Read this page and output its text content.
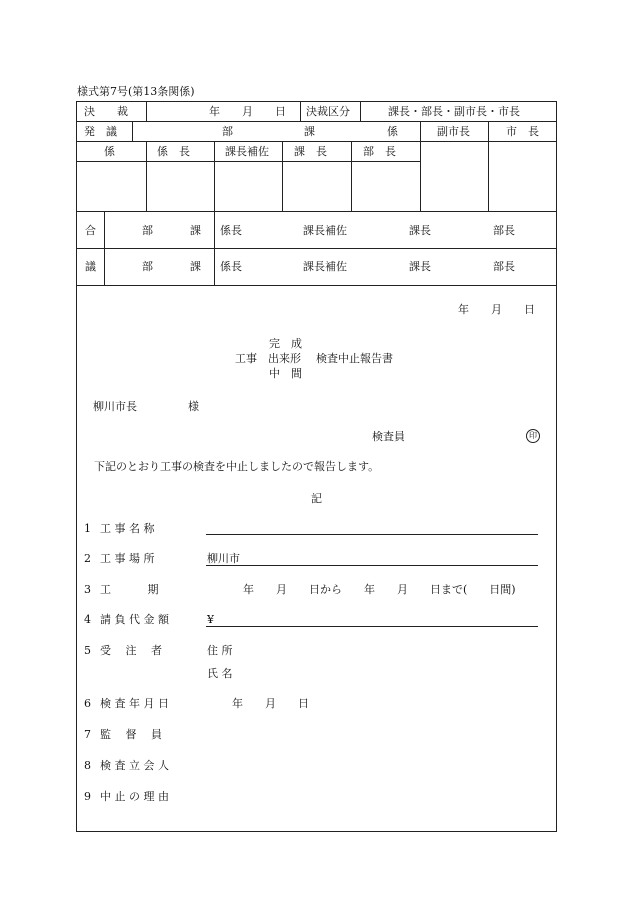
様式第7号(第13条関係)
決　　裁	年　　月　　日 決裁区分	課長・部長・副市長・市長
発　議	部	課	係	副市長	市　長
係	係　長	課長補佐 課　長	部　長
合	部	課 係長	課長補佐	課長	部長
議	部	課 係長	課長補佐	課長	部長
年　　月　　日
完　成
工事 出来形 検査中止報告書
中　間
柳川市長	様
検査員	印
下記のとおり工事の検査を中止しましたので報告します。
記
1 工 事 名 称
2 工 事 場 所	柳川市
3 工　　　 期	年　　月　　日から　　年　　月　　日まで(　　日間)
4 請 負 代 金 額	¥
5 受　 注　 者	住 所
氏 名
6 検 査 年 月 日	年　　月　　日
7 監　 督　 員
8 検 査 立 会 人
9 中 止 の 理 由
